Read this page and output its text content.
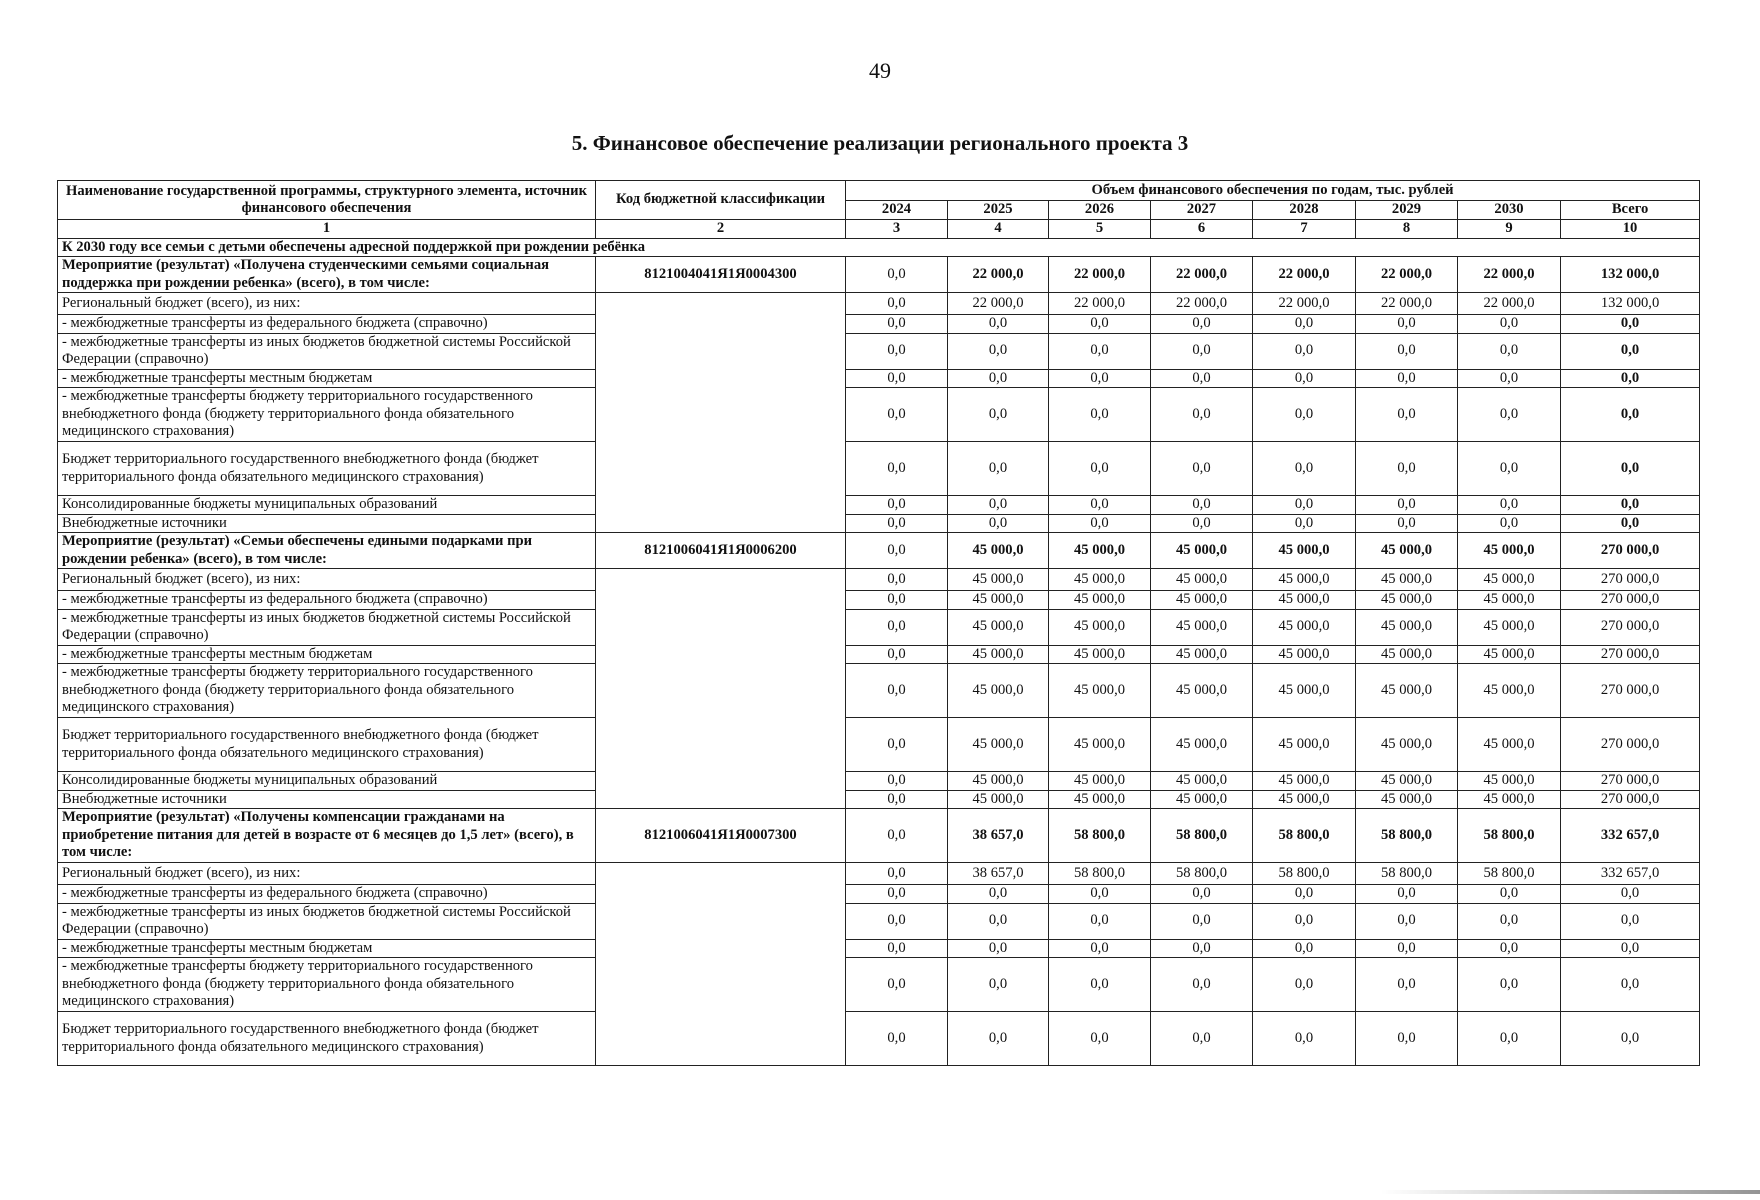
49
5. Финансовое обеспечение реализации регионального проекта 3
Наименование государственной программы, структурного элемента, источник финансового обеспечения	Код бюджетной классификации	Объем финансового обеспечения по годам, тыс. рублей							
		2024	2025	2026	2027	2028	2029	2030	Всего
1	2	3	4	5	6	7	8	9	10
К 2030 году все семьи с детьми обеспечены адресной поддержкой при рождении ребёнка									
Мероприятие (результат) «Получена студенческими семьями социальная поддержка при рождении ребенка» (всего), в том числе:	8121004041Я1Я0004300	0,0	22 000,0	22 000,0	22 000,0	22 000,0	22 000,0	22 000,0	132 000,0
Региональный бюджет (всего), из них:		0,0	22 000,0	22 000,0	22 000,0	22 000,0	22 000,0	22 000,0	132 000,0
- межбюджетные трансферты из федерального бюджета (справочно)		0,0	0,0	0,0	0,0	0,0	0,0	0,0	0,0
- межбюджетные трансферты из иных бюджетов бюджетной системы Российской Федерации (справочно)		0,0	0,0	0,0	0,0	0,0	0,0	0,0	0,0
- межбюджетные трансферты местным бюджетам		0,0	0,0	0,0	0,0	0,0	0,0	0,0	0,0
- межбюджетные трансферты бюджету территориального государственного внебюджетного фонда (бюджету территориального фонда обязательного медицинского страхования)		0,0	0,0	0,0	0,0	0,0	0,0	0,0	0,0
Бюджет территориального государственного внебюджетного фонда (бюджет территориального фонда обязательного медицинского страхования)		0,0	0,0	0,0	0,0	0,0	0,0	0,0	0,0
Консолидированные бюджеты муниципальных образований		0,0	0,0	0,0	0,0	0,0	0,0	0,0	0,0
Внебюджетные источники		0,0	0,0	0,0	0,0	0,0	0,0	0,0	0,0
Мероприятие (результат) «Семьи обеспечены едиными подарками при рождении ребенка» (всего), в том числе:	8121006041Я1Я0006200	0,0	45 000,0	45 000,0	45 000,0	45 000,0	45 000,0	45 000,0	270 000,0
Региональный бюджет (всего), из них:		0,0	45 000,0	45 000,0	45 000,0	45 000,0	45 000,0	45 000,0	270 000,0
- межбюджетные трансферты из федерального бюджета (справочно)		0,0	45 000,0	45 000,0	45 000,0	45 000,0	45 000,0	45 000,0	270 000,0
- межбюджетные трансферты из иных бюджетов бюджетной системы Российской Федерации (справочно)		0,0	45 000,0	45 000,0	45 000,0	45 000,0	45 000,0	45 000,0	270 000,0
- межбюджетные трансферты местным бюджетам		0,0	45 000,0	45 000,0	45 000,0	45 000,0	45 000,0	45 000,0	270 000,0
- межбюджетные трансферты бюджету территориального государственного внебюджетного фонда (бюджету территориального фонда обязательного медицинского страхования)		0,0	45 000,0	45 000,0	45 000,0	45 000,0	45 000,0	45 000,0	270 000,0
Бюджет территориального государственного внебюджетного фонда (бюджет территориального фонда обязательного медицинского страхования)		0,0	45 000,0	45 000,0	45 000,0	45 000,0	45 000,0	45 000,0	270 000,0
Консолидированные бюджеты муниципальных образований		0,0	45 000,0	45 000,0	45 000,0	45 000,0	45 000,0	45 000,0	270 000,0
Внебюджетные источники		0,0	45 000,0	45 000,0	45 000,0	45 000,0	45 000,0	45 000,0	270 000,0
Мероприятие (результат) «Получены компенсации гражданами на приобретение питания для детей в возрасте от 6 месяцев до 1,5 лет» (всего), в том числе:	8121006041Я1Я0007300	0,0	38 657,0	58 800,0	58 800,0	58 800,0	58 800,0	58 800,0	332 657,0
Региональный бюджет (всего), из них:		0,0	38 657,0	58 800,0	58 800,0	58 800,0	58 800,0	58 800,0	332 657,0
- межбюджетные трансферты из федерального бюджета (справочно)		0,0	0,0	0,0	0,0	0,0	0,0	0,0	0,0
- межбюджетные трансферты из иных бюджетов бюджетной системы Российской Федерации (справочно)		0,0	0,0	0,0	0,0	0,0	0,0	0,0	0,0
- межбюджетные трансферты местным бюджетам		0,0	0,0	0,0	0,0	0,0	0,0	0,0	0,0
- межбюджетные трансферты бюджету территориального государственного внебюджетного фонда (бюджету территориального фонда обязательного медицинского страхования)		0,0	0,0	0,0	0,0	0,0	0,0	0,0	0,0
Бюджет территориального государственного внебюджетного фонда (бюджет территориального фонда обязательного медицинского страхования)		0,0	0,0	0,0	0,0	0,0	0,0	0,0	0,0
